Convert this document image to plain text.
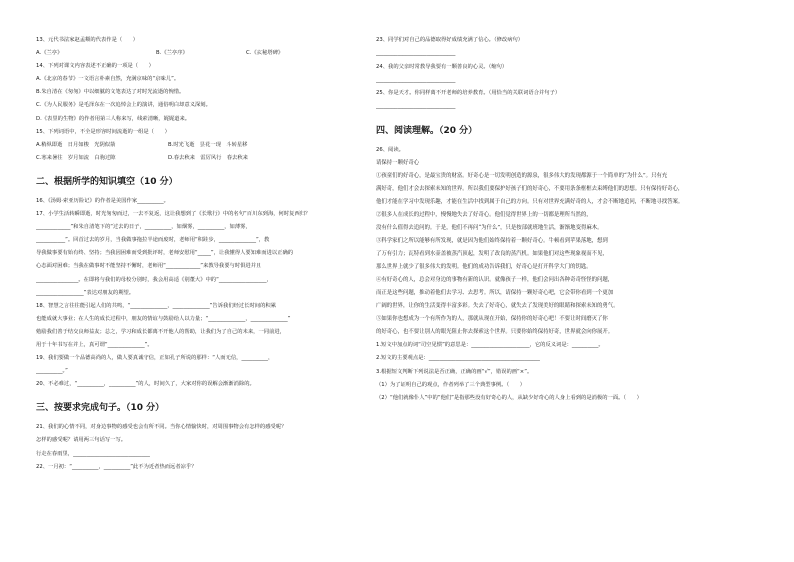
13、元代书法家赵孟頫的代表作是（　　）
A.《兰亭》	B.《兰亭序》	C.《玄秘塔碑》
14、下列对课文内容表述不正确的一项是（　　）
A.《北京的春节》一文语言朴素自然，充满京味的“京味儿”。
B.朱自清在《匆匆》中以细腻的文笔表达了对时光流逝的惋惜。
C.《为人民服务》是毛泽东在一次追悼会上的演讲，通俗明白却意义深刻。
D.《表里的生物》的作者用第三人称来写，线索清晰，娓娓道来。
15、下列词语中，不全是形容时间流逝的一组是（　　）
A.稍纵即逝　日月如梭　光阴似箭	B.时光飞逝　昙花一现　斗转星移
C.寒来暑往　岁月如流　白驹过隙	D.春去秋来　雷厉风行　春去秋来
二、根据所学的知识填空（10 分）
16、《汤姆·索亚历险记》的作者是美国作家__________。
17、小学生活转瞬即逝，时光匆匆而过，一去不复返，这让我想到了《长歌行》中的名句“百川东到海，何时复西归？
_____________”和朱自清笔下的“过去的日子，__________，如烟雾，__________，如薄雾，
___________”。回首过去的岁月，当我做事拖拉半途而废时，老师用“积跬步，______________”，教
导我做事要有始有终、坚持；当我因困难而受到批评时，老师安慰用“_____”，让我懂得人要知难而进以正确的
心态面对困难；当我在做事时不能坚持不懈时，老师用“_____________”来教导我要与时俱进并且
________________。在即将与我们的母校分别时，我会用高适《别董大》中的“__________________，
__________________”表达对朋友的期望。
18、智慧之言往往能引起人们的共鸣，“______________，______________”告诉我们经过长时间的积累
也能成就大事业；在人生的成长过程中，朋友的情谊与鼓励给人以力量；“______________，______________”
勉励我们善于结交良师益友；总之，学习和成长都离不开他人的帮助，让我们为了自己的未来，一同前进，
用于十年书写在并上，真可谓“______________”。
19、我们要做一个品德高尚的人，做人要真诚守信，正如孔子所说的那样：“人而无信，__________，
__________。”
20、不必难过，“__________，__________”的人，时间久了，大家对你的误解会渐渐消除的。
三、按要求完成句子。（10 分）
21、我们的心情不同，对身边事物的感受也会有所不同。当你心情愉快时，对周围事物会有怎样的感受呢？
怎样的感受呢？请用两三句话写一写。
行走在春雨里，_____________________________
22、一月初：“__________，__________”此不为近者热而远者凉乎？
23、同学们对自己的品德取得好成绩充满了信心。（修改病句）
______________________________
24、我的父亲时常教导我要有一颗善良的心灵。（缩句）
______________________________
25、你是天才。你同样离不开老师的培养教育。（用恰当的关联词语合并句子）
______________________________
四、阅读理解。（20 分）
26、阅读。
请保持一颗好奇心
①孩童们的好奇心，是最宝贵的财富。好奇心是一切发明创造的源泉，很多伟大的发现都源于一个简单的“为什么”。只有充
满好奇，他们才会去探索未知的世界。所以我们要保护好孩子们的好奇心，不要用条条框框去束缚他们的思想。只有保持好奇心，
他们才能在学习中发现乐趣，才能在生活中找到属于自己的方向。只有对世界充满好奇的人，才会不断地追问，不断地寻找答案。
②很多人在成长的过程中，慢慢地失去了好奇心。他们觉得世界上的一切都是理所当然的，
没有什么值得去追问的。于是，他们不再问“为什么”，只是按部就班地生活，渐渐地变得麻木。
③科学家们之所以能够有所发现，就是因为他们始终保持着一颗好奇心。牛顿看到苹果落地，想到
了万有引力；瓦特看到水壶盖被蒸汽顶起，发明了改良的蒸汽机。如果他们对这些现象视而不见，
那么世界上就少了很多伟大的发明。他们的成功告诉我们，好奇心是打开科学大门的钥匙。
④有好奇心的人，总会对身边的事物有新的认识。就像孩子一样，他们会问出各种奇奇怪怪的问题，
而正是这些问题，推动着他们去学习、去思考。所以，请保持一颗好奇心吧，它会带你看到一个更加
广阔的世界，让你的生活变得丰富多彩。失去了好奇心，就失去了发现美好的眼睛和探索未知的勇气。
⑤如果你也想成为一个有所作为的人，那就从现在开始，保持你的好奇心吧！不要让时间磨灭了你
的好奇心，也不要让别人的眼光阻止你去探索这个世界。只要你始终保持好奇，世界就会向你展开。
1.短文中加点的词“司空见惯”的意思是：______________________，它的反义词是：__________。
2.短文的主要观点是：__________________________________________
3.根据短文判断下列说法是否正确，正确的画“√”，错误的画“×”。
（1）为了证明自己的观点，作者列举了三个典型事例。（　　）
（2）“他们就像仆人”中的“他们”是指那些没有好奇心的人，从缺少好奇心的人身上看到的是消极的一面。（　　）
